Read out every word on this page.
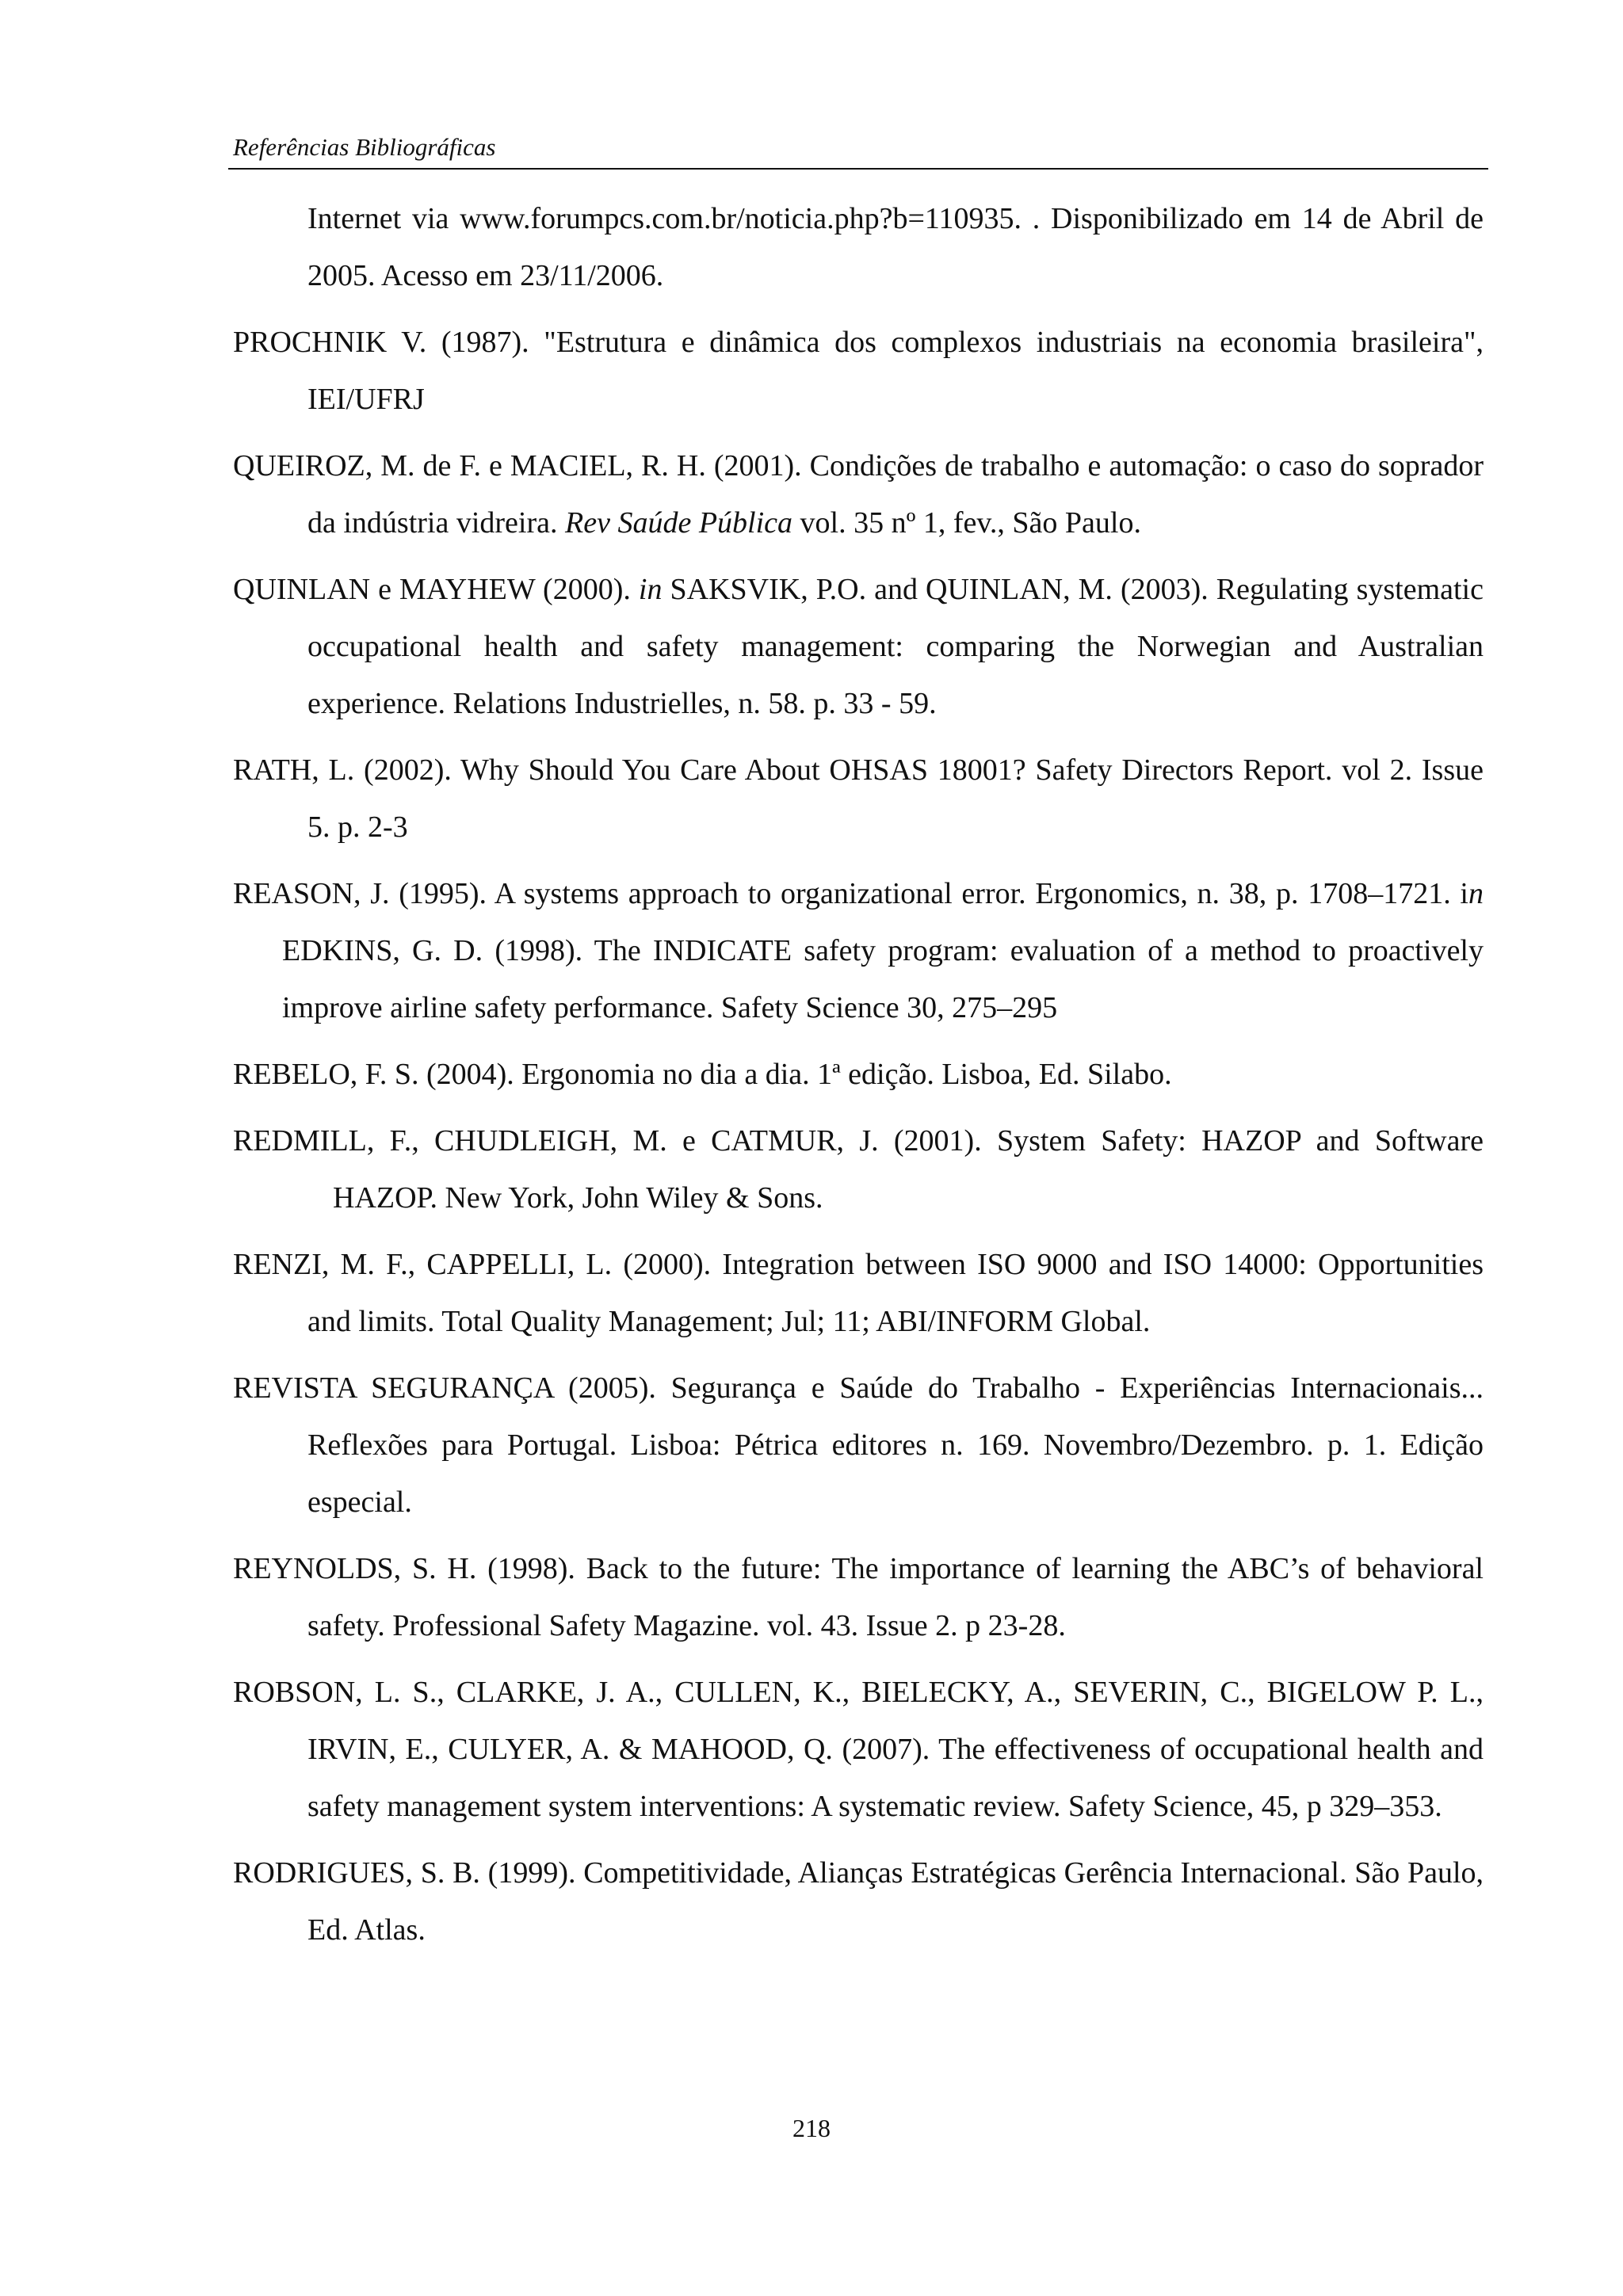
Referências Bibliográficas

Internet via www.forumpcs.com.br/noticia.php?b=110935. . Disponibilizado em 14 de Abril de 2005. Acesso em 23/11/2006.

PROCHNIK V. (1987). "Estrutura e dinâmica dos complexos industriais na economia brasileira", IEI/UFRJ

QUEIROZ, M. de F. e MACIEL, R. H. (2001). Condições de trabalho e automação: o caso do soprador da indústria vidreira. Rev Saúde Pública vol. 35 nº 1, fev., São Paulo.

QUINLAN e MAYHEW (2000). in SAKSVIK, P.O. and QUINLAN, M. (2003). Regulating systematic occupational health and safety management: comparing the Norwegian and Australian experience. Relations Industrielles, n. 58. p. 33 - 59.

RATH, L. (2002). Why Should You Care About OHSAS 18001? Safety Directors Report. vol 2. Issue 5. p. 2-3

REASON, J. (1995). A systems approach to organizational error. Ergonomics, n. 38, p. 1708–1721. in EDKINS, G. D. (1998). The INDICATE safety program: evaluation of a method to proactively improve airline safety performance. Safety Science 30, 275–295

REBELO, F. S. (2004). Ergonomia no dia a dia. 1ª edição. Lisboa, Ed. Silabo.

REDMILL, F., CHUDLEIGH, M. e CATMUR, J. (2001). System Safety: HAZOP and Software HAZOP. New York, John Wiley & Sons.

RENZI, M. F., CAPPELLI, L. (2000). Integration between ISO 9000 and ISO 14000: Opportunities and limits. Total Quality Management; Jul; 11; ABI/INFORM Global.

REVISTA SEGURANÇA (2005). Segurança e Saúde do Trabalho - Experiências Internacionais... Reflexões para Portugal. Lisboa: Pétrica editores n. 169. Novembro/Dezembro. p. 1. Edição especial.

REYNOLDS, S. H. (1998). Back to the future: The importance of learning the ABC’s of behavioral safety. Professional Safety Magazine. vol. 43. Issue 2. p 23-28.

ROBSON, L. S., CLARKE, J. A., CULLEN, K., BIELECKY, A., SEVERIN, C., BIGELOW P. L., IRVIN, E., CULYER, A. & MAHOOD, Q. (2007). The effectiveness of occupational health and safety management system interventions: A systematic review. Safety Science, 45, p 329–353.

RODRIGUES, S. B. (1999). Competitividade, Alianças Estratégicas Gerência Internacional. São Paulo, Ed. Atlas.

218
